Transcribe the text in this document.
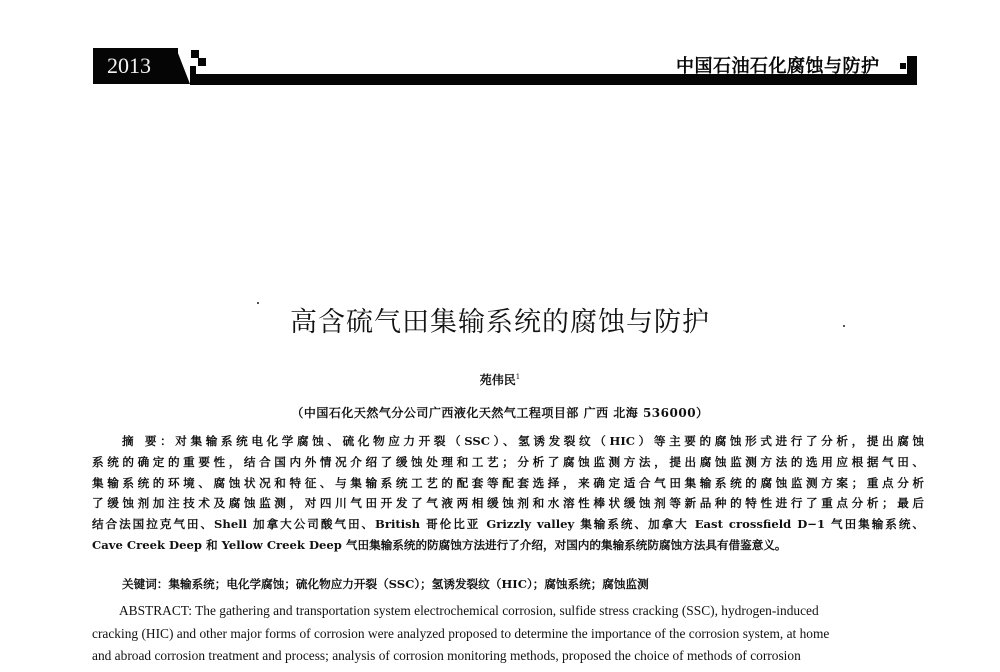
2013	中国石油石化腐蚀与防护
高含硫气田集输系统的腐蚀与防护
苑伟民$^1$
（中国石化天然气分公司广西液化天然气工程项目部 广西 北海 536000）
摘 要：对集输系统电化学腐蚀、硫化物应力开裂（SSC）、氢诱发裂纹（HIC）等主要的腐蚀形式进行了分析，提出腐蚀
系统的确定的重要性，结合国内外情况介绍了缓蚀处理和工艺；分析了腐蚀监测方法，提出腐蚀监测方法的选用应根据气田、
集输系统的环境、腐蚀状况和特征、与集输系统工艺的配套等配套选择，来确定适合气田集输系统的腐蚀监测方案；重点分析
了缓蚀剂加注技术及腐蚀监测，对四川气田开发了气液两相缓蚀剂和水溶性棒状缓蚀剂等新品种的特性进行了重点分析；最后
结合法国拉克气田、Shell 加拿大公司酸气田、British 哥伦比亚 Grizzly valley 集输系统、加拿大 East crossfield D−1 气田集输系统、
Cave Creek Deep 和 Yellow Creek Deep 气田集输系统的防腐蚀方法进行了介绍，对国内的集输系统防腐蚀方法具有借鉴意义。
关键词：集输系统；电化学腐蚀；硫化物应力开裂（SSC）；氢诱发裂纹（HIC）；腐蚀系统；腐蚀监测
ABSTRACT: The gathering and transportation system electrochemical corrosion, sulfide stress cracking (SSC), hydrogen-induced
cracking (HIC) and other major forms of corrosion were analyzed proposed to determine the importance of the corrosion system, at home
and abroad corrosion treatment and process; analysis of corrosion monitoring methods, proposed the choice of methods of corrosion
